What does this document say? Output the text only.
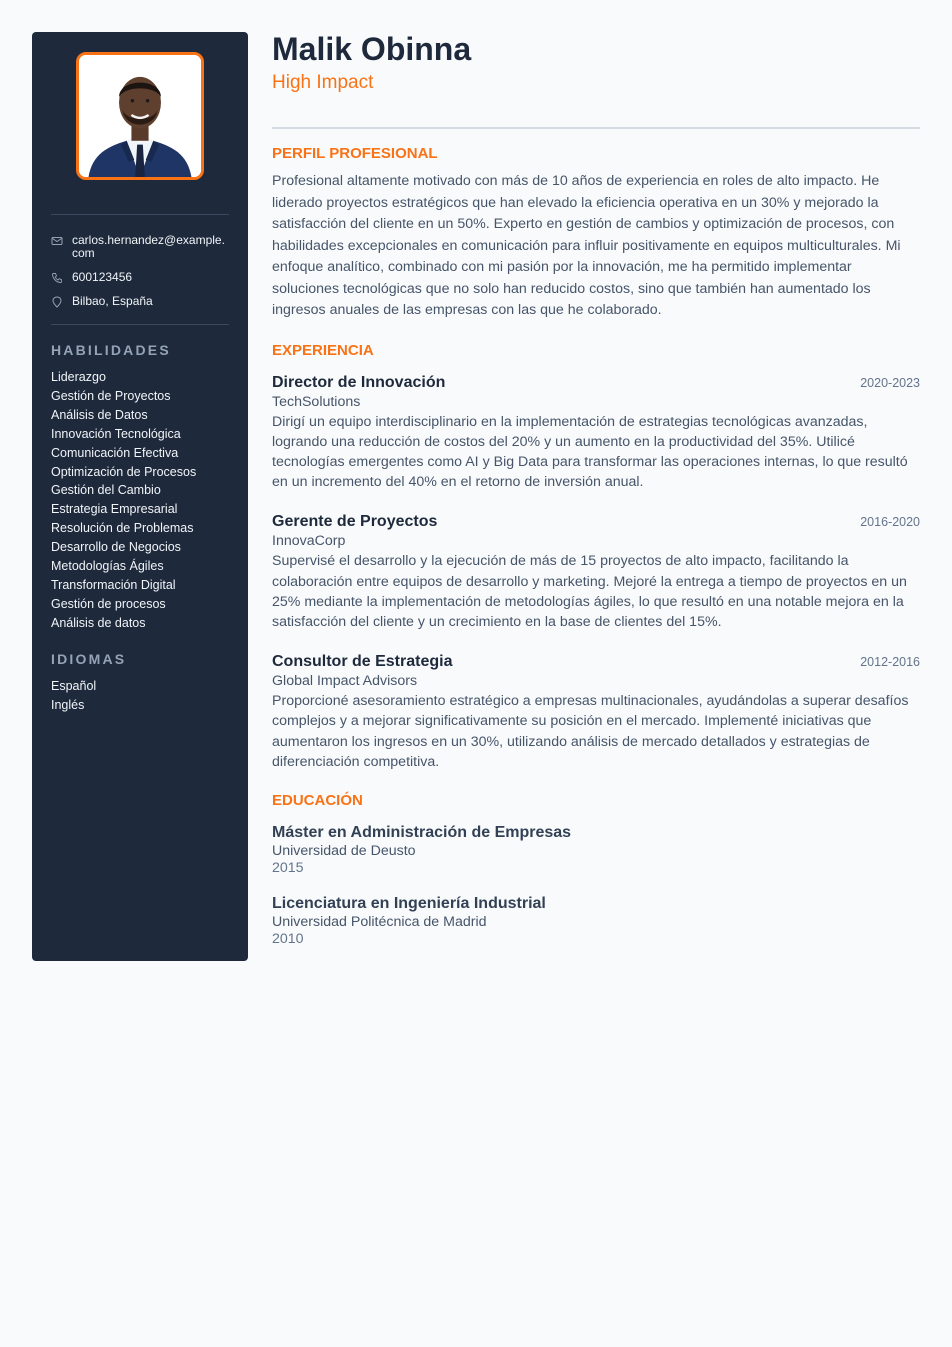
carlos.hernandez@example.com
600123456
Bilbao, España
HABILIDADES
Liderazgo
Gestión de Proyectos
Análisis de Datos
Innovación Tecnológica
Comunicación Efectiva
Optimización de Procesos
Gestión del Cambio
Estrategia Empresarial
Resolución de Problemas
Desarrollo de Negocios
Metodologías Ágiles
Transformación Digital
Gestión de procesos
Análisis de datos
IDIOMAS
Español
Inglés
Malik Obinna
High Impact
PERFIL PROFESIONAL

Profesional altamente motivado con más de 10 años de experiencia en roles de alto impacto. He liderado proyectos estratégicos que han elevado la eficiencia operativa en un 30% y mejorado la satisfacción del cliente en un 50%. Experto en gestión de cambios y optimización de procesos, con habilidades excepcionales en comunicación para influir positivamente en equipos multiculturales. Mi enfoque analítico, combinado con mi pasión por la innovación, me ha permitido implementar soluciones tecnológicas que no solo han reducido costos, sino que también han aumentado los ingresos anuales de las empresas con las que he colaborado.

EXPERIENCIA
Director de Innovación	2020-2023
TechSolutions

Dirigí un equipo interdisciplinario en la implementación de estrategias tecnológicas avanzadas, logrando una reducción de costos del 20% y un aumento en la productividad del 35%. Utilicé tecnologías emergentes como AI y Big Data para transformar las operaciones internas, lo que resultó en un incremento del 40% en el retorno de inversión anual.

Gerente de Proyectos	2016-2020
InnovaCorp

Supervisé el desarrollo y la ejecución de más de 15 proyectos de alto impacto, facilitando la colaboración entre equipos de desarrollo y marketing. Mejoré la entrega a tiempo de proyectos en un 25% mediante la implementación de metodologías ágiles, lo que resultó en una notable mejora en la satisfacción del cliente y un crecimiento en la base de clientes del 15%.

Consultor de Estrategia	2012-2016
Global Impact Advisors

Proporcioné asesoramiento estratégico a empresas multinacionales, ayudándolas a superar desafíos complejos y a mejorar significativamente su posición en el mercado. Implementé iniciativas que aumentaron los ingresos en un 30%, utilizando análisis de mercado detallados y estrategias de diferenciación competitiva.

EDUCACIÓN
Máster en Administración de Empresas
Universidad de Deusto
2015
Licenciatura en Ingeniería Industrial
Universidad Politécnica de Madrid
2010
